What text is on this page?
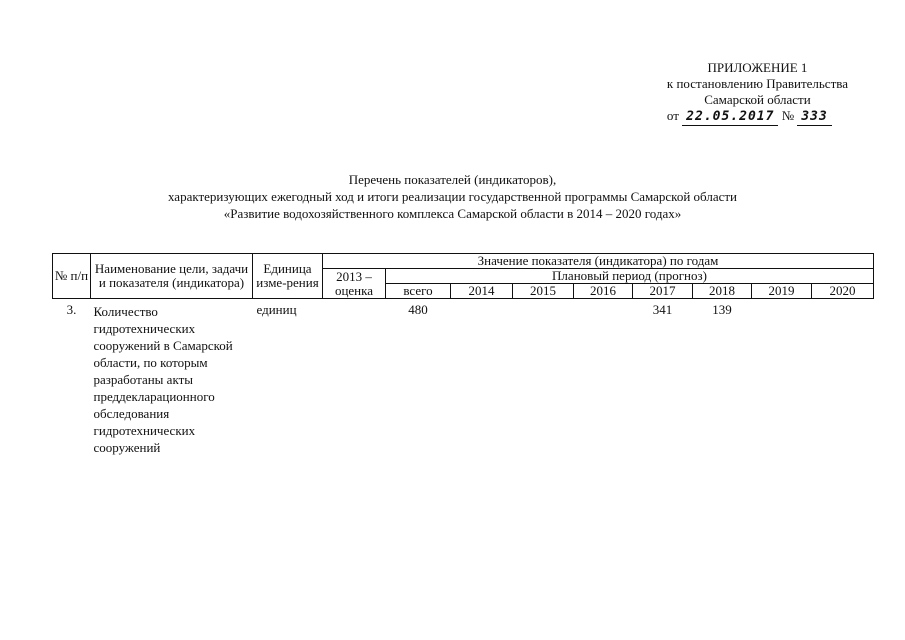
ПРИЛОЖЕНИЕ 1
к постановлению Правительства
Самарской области
от 22.05.2017 № 333
Перечень показателей (индикаторов),
характеризующих ежегодный ход и итоги реализации государственной программы Самарской области
«Развитие водохозяйственного комплекса Самарской области в 2014 – 2020 годах»
№ п/п	Наименование цели, задачи и показателя (индикатора)	Единица изме-рения	Значение показателя (индикатора) по годам								
			2013 – оценка	Плановый период (прогноз)							
				всего	2014	2015	2016	2017	2018	2019	2020
3.	Количество гидротехнических сооружений в Самарской области, по которым разработаны акты преддекларационного обследования гидротехнических сооружений	единиц		480				341	139		
